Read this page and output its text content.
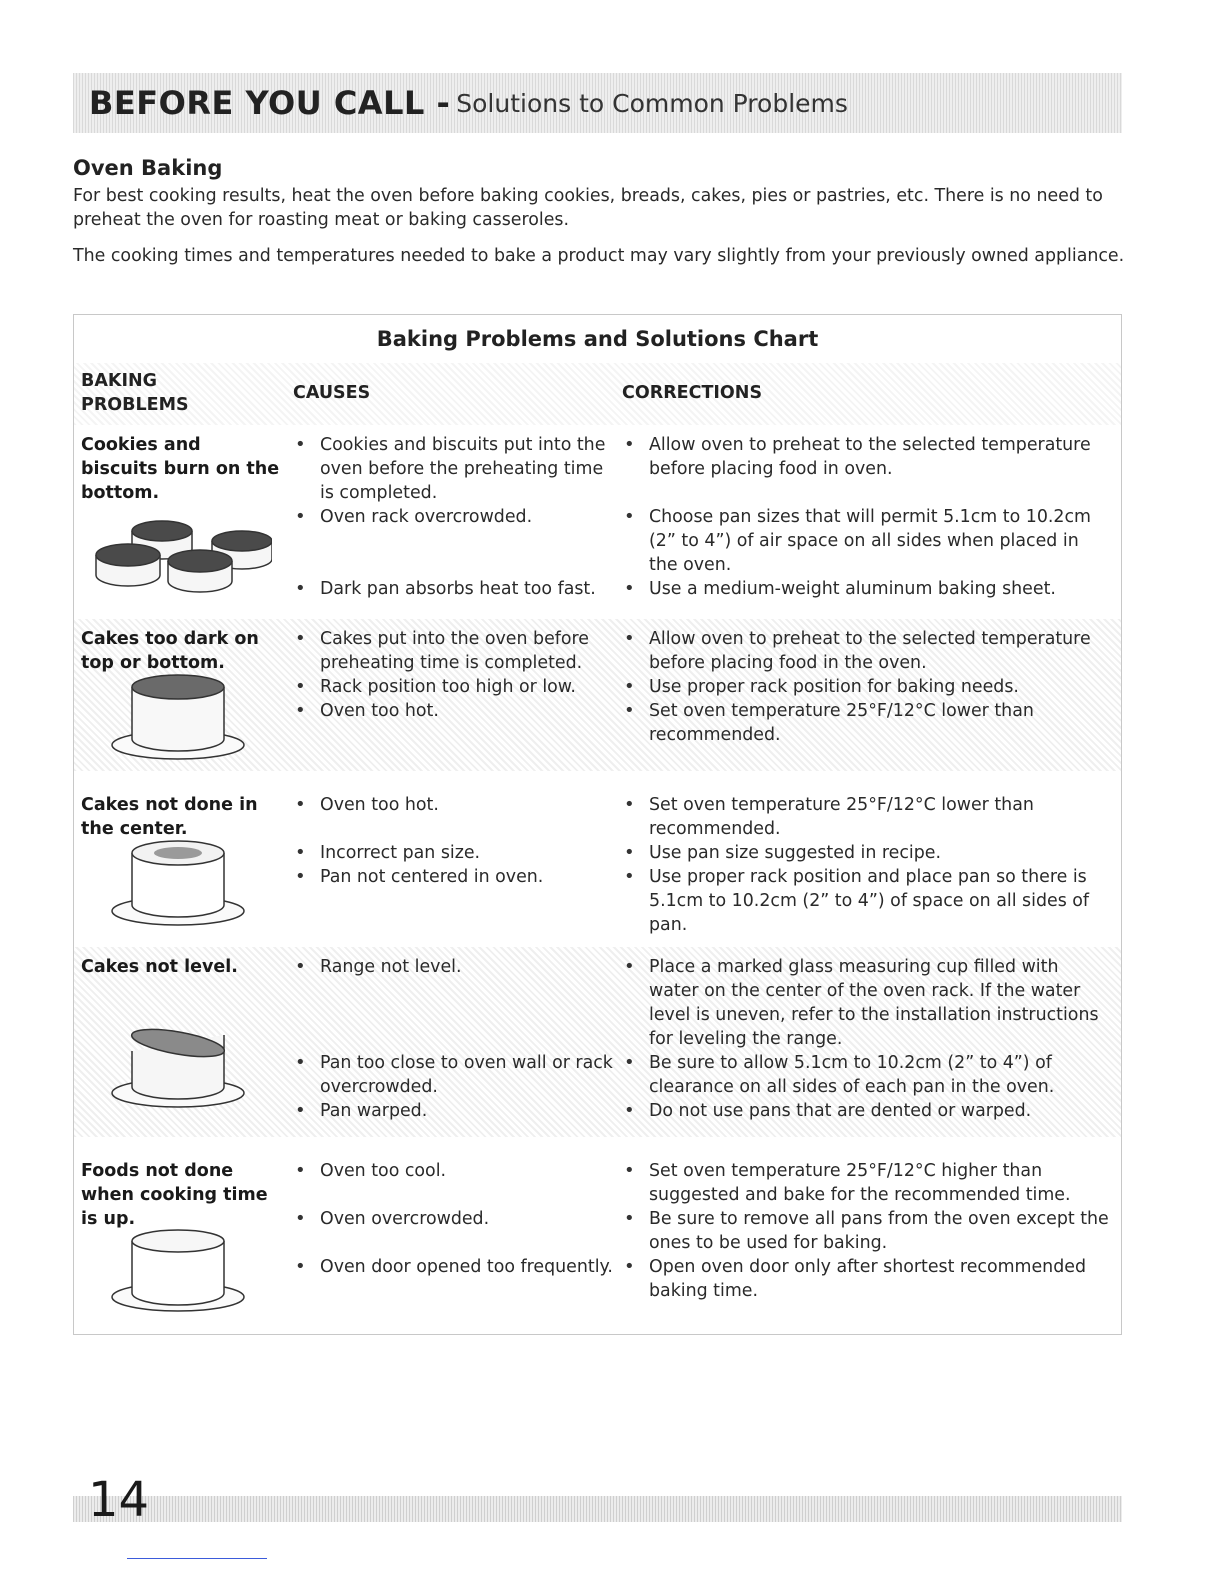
BEFORE YOU CALL - Solutions to Common Problems
Oven Baking
For best cooking results, heat the oven before baking cookies, breads, cakes, pies or pastries, etc. There is no need to preheat the oven for roasting meat or baking casseroles.
The cooking times and temperatures needed to bake a product may vary slightly from your previously owned appliance.
Baking Problems and Solutions Chart
BAKING PROBLEMS
CAUSES	CORRECTIONS
Cookies and biscuits burn on the bottom.
• Cookies and biscuits put into the oven before the preheating time is completed.
• Oven rack overcrowded.
• Dark pan absorbs heat too fast.
• Allow oven to preheat to the selected temperature before placing food in oven.
• Choose pan sizes that will permit 5.1cm to 10.2cm (2” to 4”) of air space on all sides when placed in the oven.
• Use a medium-weight aluminum baking sheet.
Cakes too dark on top or bottom.
• Cakes put into the oven before preheating time is completed.
• Rack position too high or low.
• Oven too hot.
• Allow oven to preheat to the selected temperature before placing food in the oven.
• Use proper rack position for baking needs.
• Set oven temperature 25°F/12°C lower than recommended.
Cakes not done in the center.
• Oven too hot.
• Incorrect pan size.
• Pan not centered in oven.
• Set oven temperature 25°F/12°C lower than recommended.
• Use pan size suggested in recipe.
• Use proper rack position and place pan so there is 5.1cm to 10.2cm (2” to 4”) of space on all sides of pan.
Cakes not level.
•	Range not level.
• Pan too close to oven wall or rack overcrowded.
• Pan warped.
• Place a marked glass measuring cup filled with water on the center of the oven rack. If the water level is uneven, refer to the installation instructions for leveling the range.
• Be sure to allow 5.1cm to 10.2cm (2” to 4”) of clearance on all sides of each pan in the oven.
• Do not use pans that are dented or warped.
Foods not done when cooking time is up.
• Oven too cool.
• Oven overcrowded.
• Oven door opened too frequently.
• Set oven temperature 25°F/12°C higher than suggested and bake for the recommended time.
• Be sure to remove all pans from the oven except the ones to be used for baking.
• Open oven door only after shortest recommended baking time.
14
